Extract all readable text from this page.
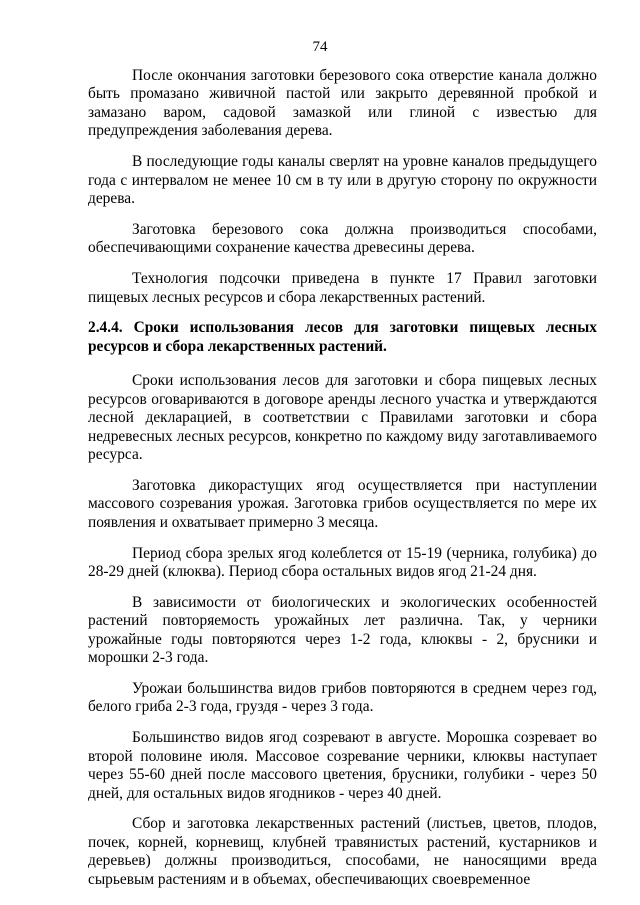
74

После окончания заготовки березового сока отверстие канала должно быть промазано живичной пастой или закрыто деревянной пробкой и замазано варом, садовой замазкой или глиной с известью для предупреждения заболевания дерева.

В последующие годы каналы сверлят на уровне каналов предыдущего года с интервалом не менее 10 см в ту или в другую сторону по окружности дерева.

Заготовка березового сока должна производиться способами, обеспечивающими сохранение качества древесины дерева.

Технология подсочки приведена в пункте 17 Правил заготовки пищевых лесных ресурсов и сбора лекарственных растений.

2.4.4. Сроки использования лесов для заготовки пищевых лесных ресурсов и сбора лекарственных растений.

Сроки использования лесов для заготовки и сбора пищевых лесных ресурсов оговариваются в договоре аренды лесного участка и утверждаются лесной декларацией, в соответствии с Правилами заготовки и сбора недревесных лесных ресурсов, конкретно по каждому виду заготавливаемого ресурса.

Заготовка дикорастущих ягод осуществляется при наступлении массового созревания урожая. Заготовка грибов осуществляется по мере их появления и охватывает примерно 3 месяца.

Период сбора зрелых ягод колеблется от 15-19 (черника, голубика) до 28-29 дней (клюква). Период сбора остальных видов ягод 21-24 дня.

В зависимости от биологических и экологических особенностей растений повторяемость урожайных лет различна. Так, у черники урожайные годы повторяются через 1-2 года, клюквы - 2, брусники и морошки 2-3 года.

Урожаи большинства видов грибов повторяются в среднем через год, белого гриба 2-3 года, груздя - через 3 года.

Большинство видов ягод созревают в августе. Морошка созревает во второй половине июля. Массовое созревание черники, клюквы наступает через 55-60 дней после массового цветения, брусники, голубики - через 50 дней, для остальных видов ягодников - через 40 дней.

Сбор и заготовка лекарственных растений (листьев, цветов, плодов, почек, корней, корневищ, клубней травянистых растений, кустарников и деревьев) должны производиться, способами, не наносящими вреда сырьевым растениям и в объемах, обеспечивающих своевременное
